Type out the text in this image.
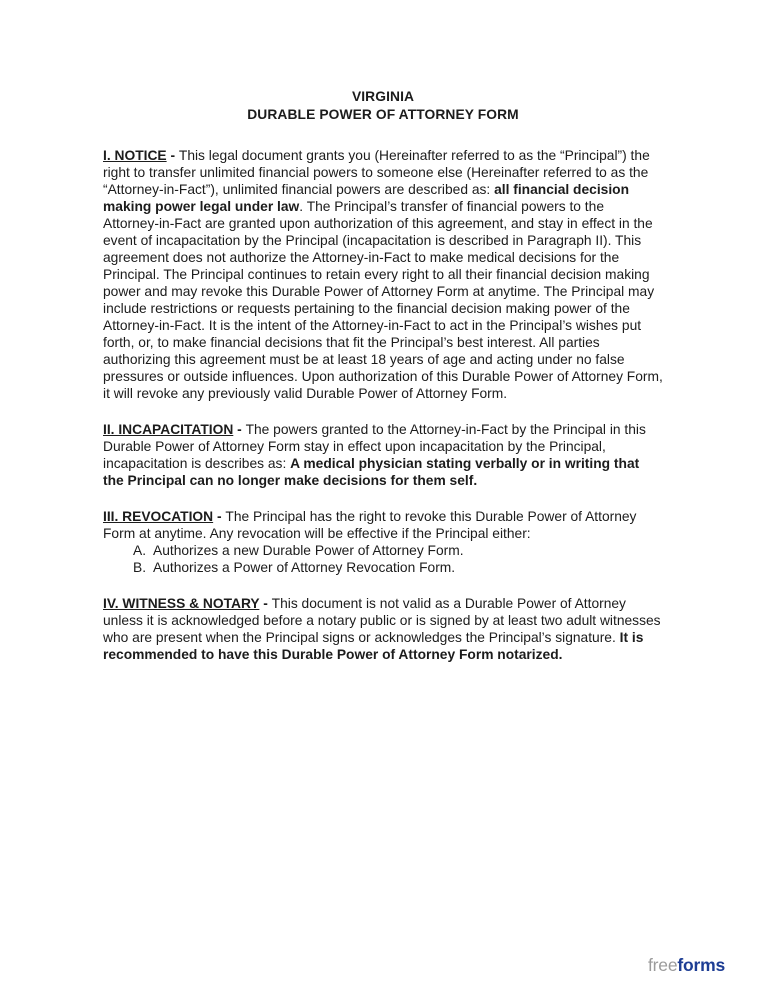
VIRGINIA
DURABLE POWER OF ATTORNEY FORM

I. NOTICE - This legal document grants you (Hereinafter referred to as the “Principal”) the right to transfer unlimited financial powers to someone else (Hereinafter referred to as the “Attorney-in-Fact”), unlimited financial powers are described as: all financial decision making power legal under law. The Principal’s transfer of financial powers to the Attorney-in-Fact are granted upon authorization of this agreement, and stay in effect in the event of incapacitation by the Principal (incapacitation is described in Paragraph II). This agreement does not authorize the Attorney-in-Fact to make medical decisions for the Principal. The Principal continues to retain every right to all their financial decision making power and may revoke this Durable Power of Attorney Form at anytime. The Principal may include restrictions or requests pertaining to the financial decision making power of the Attorney-in-Fact. It is the intent of the Attorney-in-Fact to act in the Principal’s wishes put forth, or, to make financial decisions that fit the Principal’s best interest. All parties authorizing this agreement must be at least 18 years of age and acting under no false pressures or outside influences. Upon authorization of this Durable Power of Attorney Form, it will revoke any previously valid Durable Power of Attorney Form.

II. INCAPACITATION - The powers granted to the Attorney-in-Fact by the Principal in this Durable Power of Attorney Form stay in effect upon incapacitation by the Principal, incapacitation is describes as: A medical physician stating verbally or in writing that the Principal can no longer make decisions for them self.

III. REVOCATION - The Principal has the right to revoke this Durable Power of Attorney Form at anytime. Any revocation will be effective if the Principal either:

A. Authorizes a new Durable Power of Attorney Form.
B. Authorizes a Power of Attorney Revocation Form.

IV. WITNESS & NOTARY - This document is not valid as a Durable Power of Attorney unless it is acknowledged before a notary public or is signed by at least two adult witnesses who are present when the Principal signs or acknowledges the Principal’s signature. It is recommended to have this Durable Power of Attorney Form notarized.

freeforms
